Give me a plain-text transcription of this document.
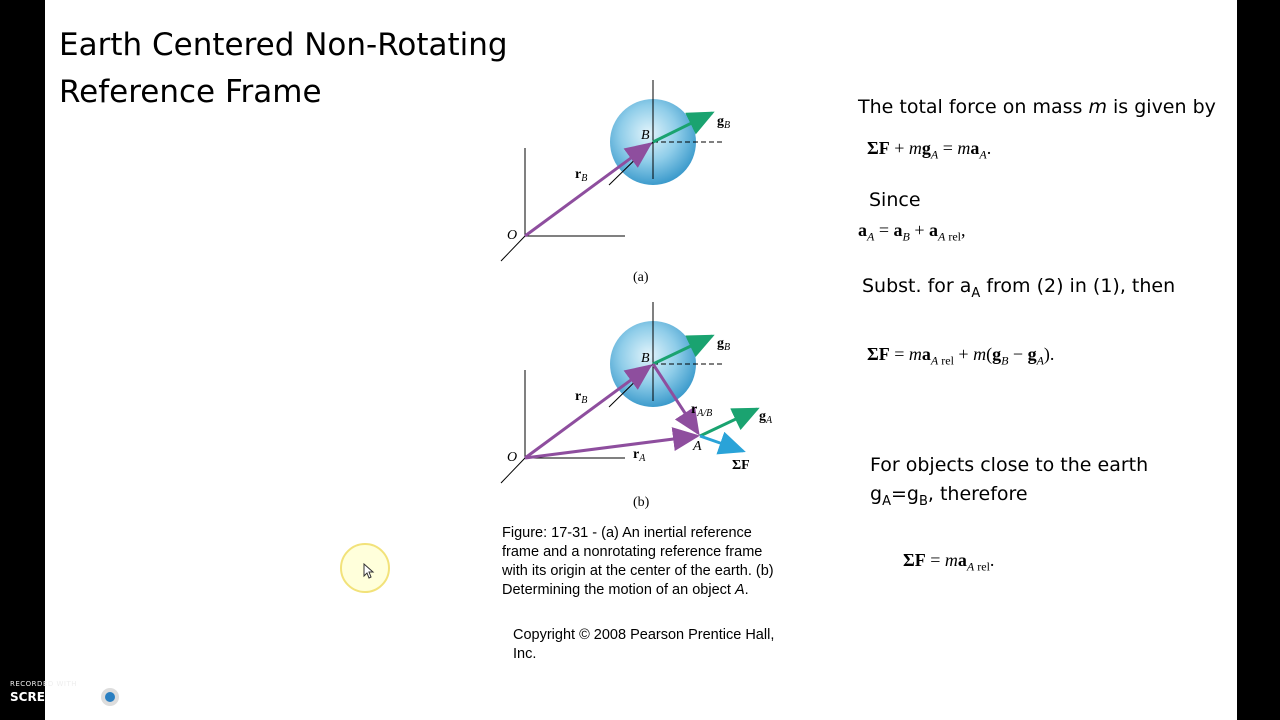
Earth Centered Non-Rotating
Reference Frame
O
B
$r_B$
$g_B$
(a)
O
B
A
$r_B$
$g_B$
$r_{A/B}$
$r_A$
$g_A$
ΣF
(b)
Figure: 17-31 - (a) An inertial reference frame and a nonrotating reference frame with its origin at the center of the earth. (b) Determining the motion of an object A.
Copyright © 2008 Pearson Prentice Hall, Inc.
The total force on mass m is given by
$\Sigma F + mg_A = ma_A$.
Since
$a_A = a_B + a_{A rel}$,
Subst. for $a_A$ from (2) in (1), then
$\Sigma F = ma_{A rel} + m(g_B - g_A)$.
For objects close to the earth
$g_A=g_B$, therefore
$\Sigma F = ma_{A rel}$.
RECORDED WITH
SCREENCAST MATIC
